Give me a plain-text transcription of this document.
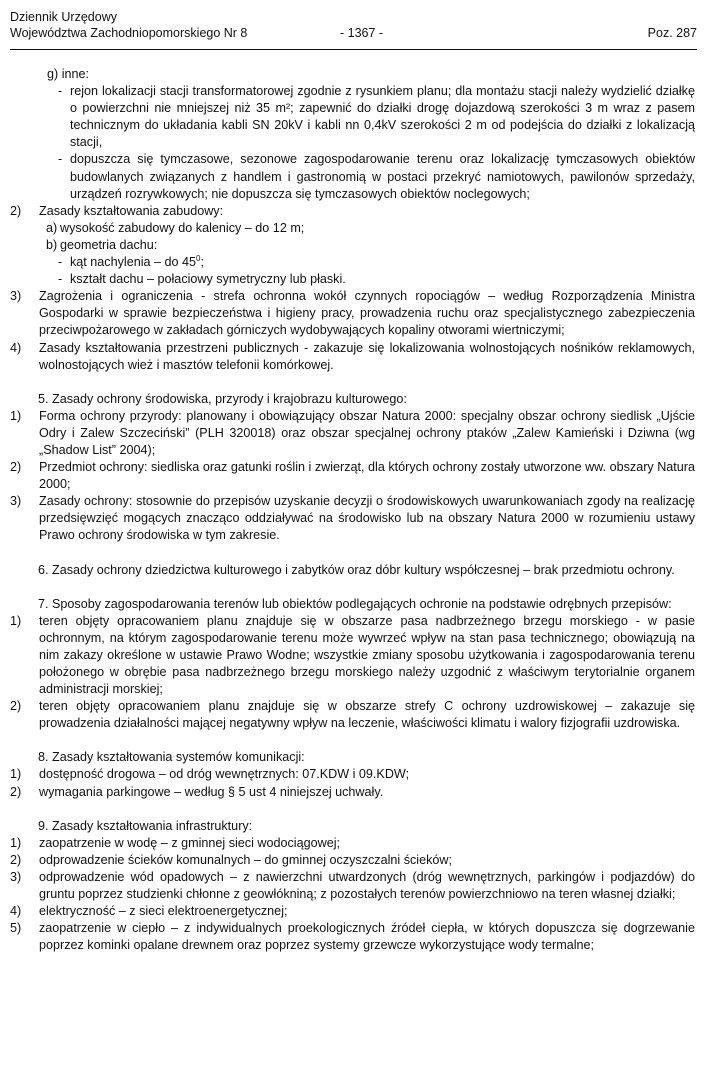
Dziennik Urzędowy
Województwa Zachodniopomorskiego Nr 8	- 1367 -	Poz. 287
g) inne:
- rejon lokalizacji stacji transformatorowej zgodnie z rysunkiem planu; dla montażu stacji należy wydzielić działkę o powierzchni nie mniejszej niż 35 m²; zapewnić do działki drogę dojazdową szerokości 3 m wraz z pasem technicznym do układania kabli SN 20kV i kabli nn 0,4kV szerokości 2 m od podejścia do działki z lokalizacją stacji,
- dopuszcza się tymczasowe, sezonowe zagospodarowanie terenu oraz lokalizację tymczasowych obiektów budowlanych związanych z handlem i gastronomią w postaci przekryć namiotowych, pawilonów sprzedaży, urządzeń rozrywkowych; nie dopuszcza się tymczasowych obiektów noclegowych;
2) Zasady kształtowania zabudowy:
a) wysokość zabudowy do kalenicy – do 12 m;
b) geometria dachu:
- kąt nachylenia – do $45^0$;
- kształt dachu – połaciowy symetryczny lub płaski.
3) Zagrożenia i ograniczenia - strefa ochronna wokół czynnych ropociągów – według Rozporządzenia Ministra Gospodarki w sprawie bezpieczeństwa i higieny pracy, prowadzenia ruchu oraz specjalistycznego zabezpieczenia przeciwpożarowego w zakładach górniczych wydobywających kopaliny otworami wiertniczymi;
4) Zasady kształtowania przestrzeni publicznych - zakazuje się lokalizowania wolnostojących nośników reklamowych, wolnostojących wież i masztów telefonii komórkowej.
5. Zasady ochrony środowiska, przyrody i krajobrazu kulturowego:
1) Forma ochrony przyrody: planowany i obowiązujący obszar Natura 2000: specjalny obszar ochrony siedlisk „Ujście Odry i Zalew Szczeciński” (PLH 320018) oraz obszar specjalnej ochrony ptaków „Zalew Kamieński i Dziwna (wg „Shadow List” 2004);
2) Przedmiot ochrony: siedliska oraz gatunki roślin i zwierząt, dla których ochrony zostały utworzone ww. obszary Natura 2000;
3) Zasady ochrony: stosownie do przepisów uzyskanie decyzji o środowiskowych uwarunkowaniach zgody na realizację przedsięwzięć mogących znacząco oddziaływać na środowisko lub na obszary Natura 2000 w rozumieniu ustawy Prawo ochrony środowiska w tym zakresie.
6. Zasady ochrony dziedzictwa kulturowego i zabytków oraz dóbr kultury współczesnej – brak przedmiotu ochrony.
7. Sposoby zagospodarowania terenów lub obiektów podlegających ochronie na podstawie odrębnych przepisów:
1) teren objęty opracowaniem planu znajduje się w obszarze pasa nadbrzeżnego brzegu morskiego - w pasie ochronnym, na którym zagospodarowanie terenu może wywrzeć wpływ na stan pasa technicznego; obowiązują na nim zakazy określone w ustawie Prawo Wodne; wszystkie zmiany sposobu użytkowania i zagospodarowania terenu położonego w obrębie pasa nadbrzeżnego brzegu morskiego należy uzgodnić z właściwym terytorialnie organem administracji morskiej;
2) teren objęty opracowaniem planu znajduje się w obszarze strefy C ochrony uzdrowiskowej – zakazuje się prowadzenia działalności mającej negatywny wpływ na leczenie, właściwości klimatu i walory fizjografii uzdrowiska.
8. Zasady kształtowania systemów komunikacji:
1) dostępność drogowa – od dróg wewnętrznych: 07.KDW i 09.KDW;
2) wymagania parkingowe – według § 5 ust 4 niniejszej uchwały.
9. Zasady kształtowania infrastruktury:
1) zaopatrzenie w wodę – z gminnej sieci wodociągowej;
2) odprowadzenie ścieków komunalnych – do gminnej oczyszczalni ścieków;
3) odprowadzenie wód opadowych – z nawierzchni utwardzonych (dróg wewnętrznych, parkingów i podjazdów) do gruntu poprzez studzienki chłonne z geowłókniną; z pozostałych terenów powierzchniowo na teren własnej działki;
4) elektryczność – z sieci elektroenergetycznej;
5) zaopatrzenie w ciepło – z indywidualnych proekologicznych źródeł ciepła, w których dopuszcza się dogrzewanie poprzez kominki opalane drewnem oraz poprzez systemy grzewcze wykorzystujące wody termalne;
